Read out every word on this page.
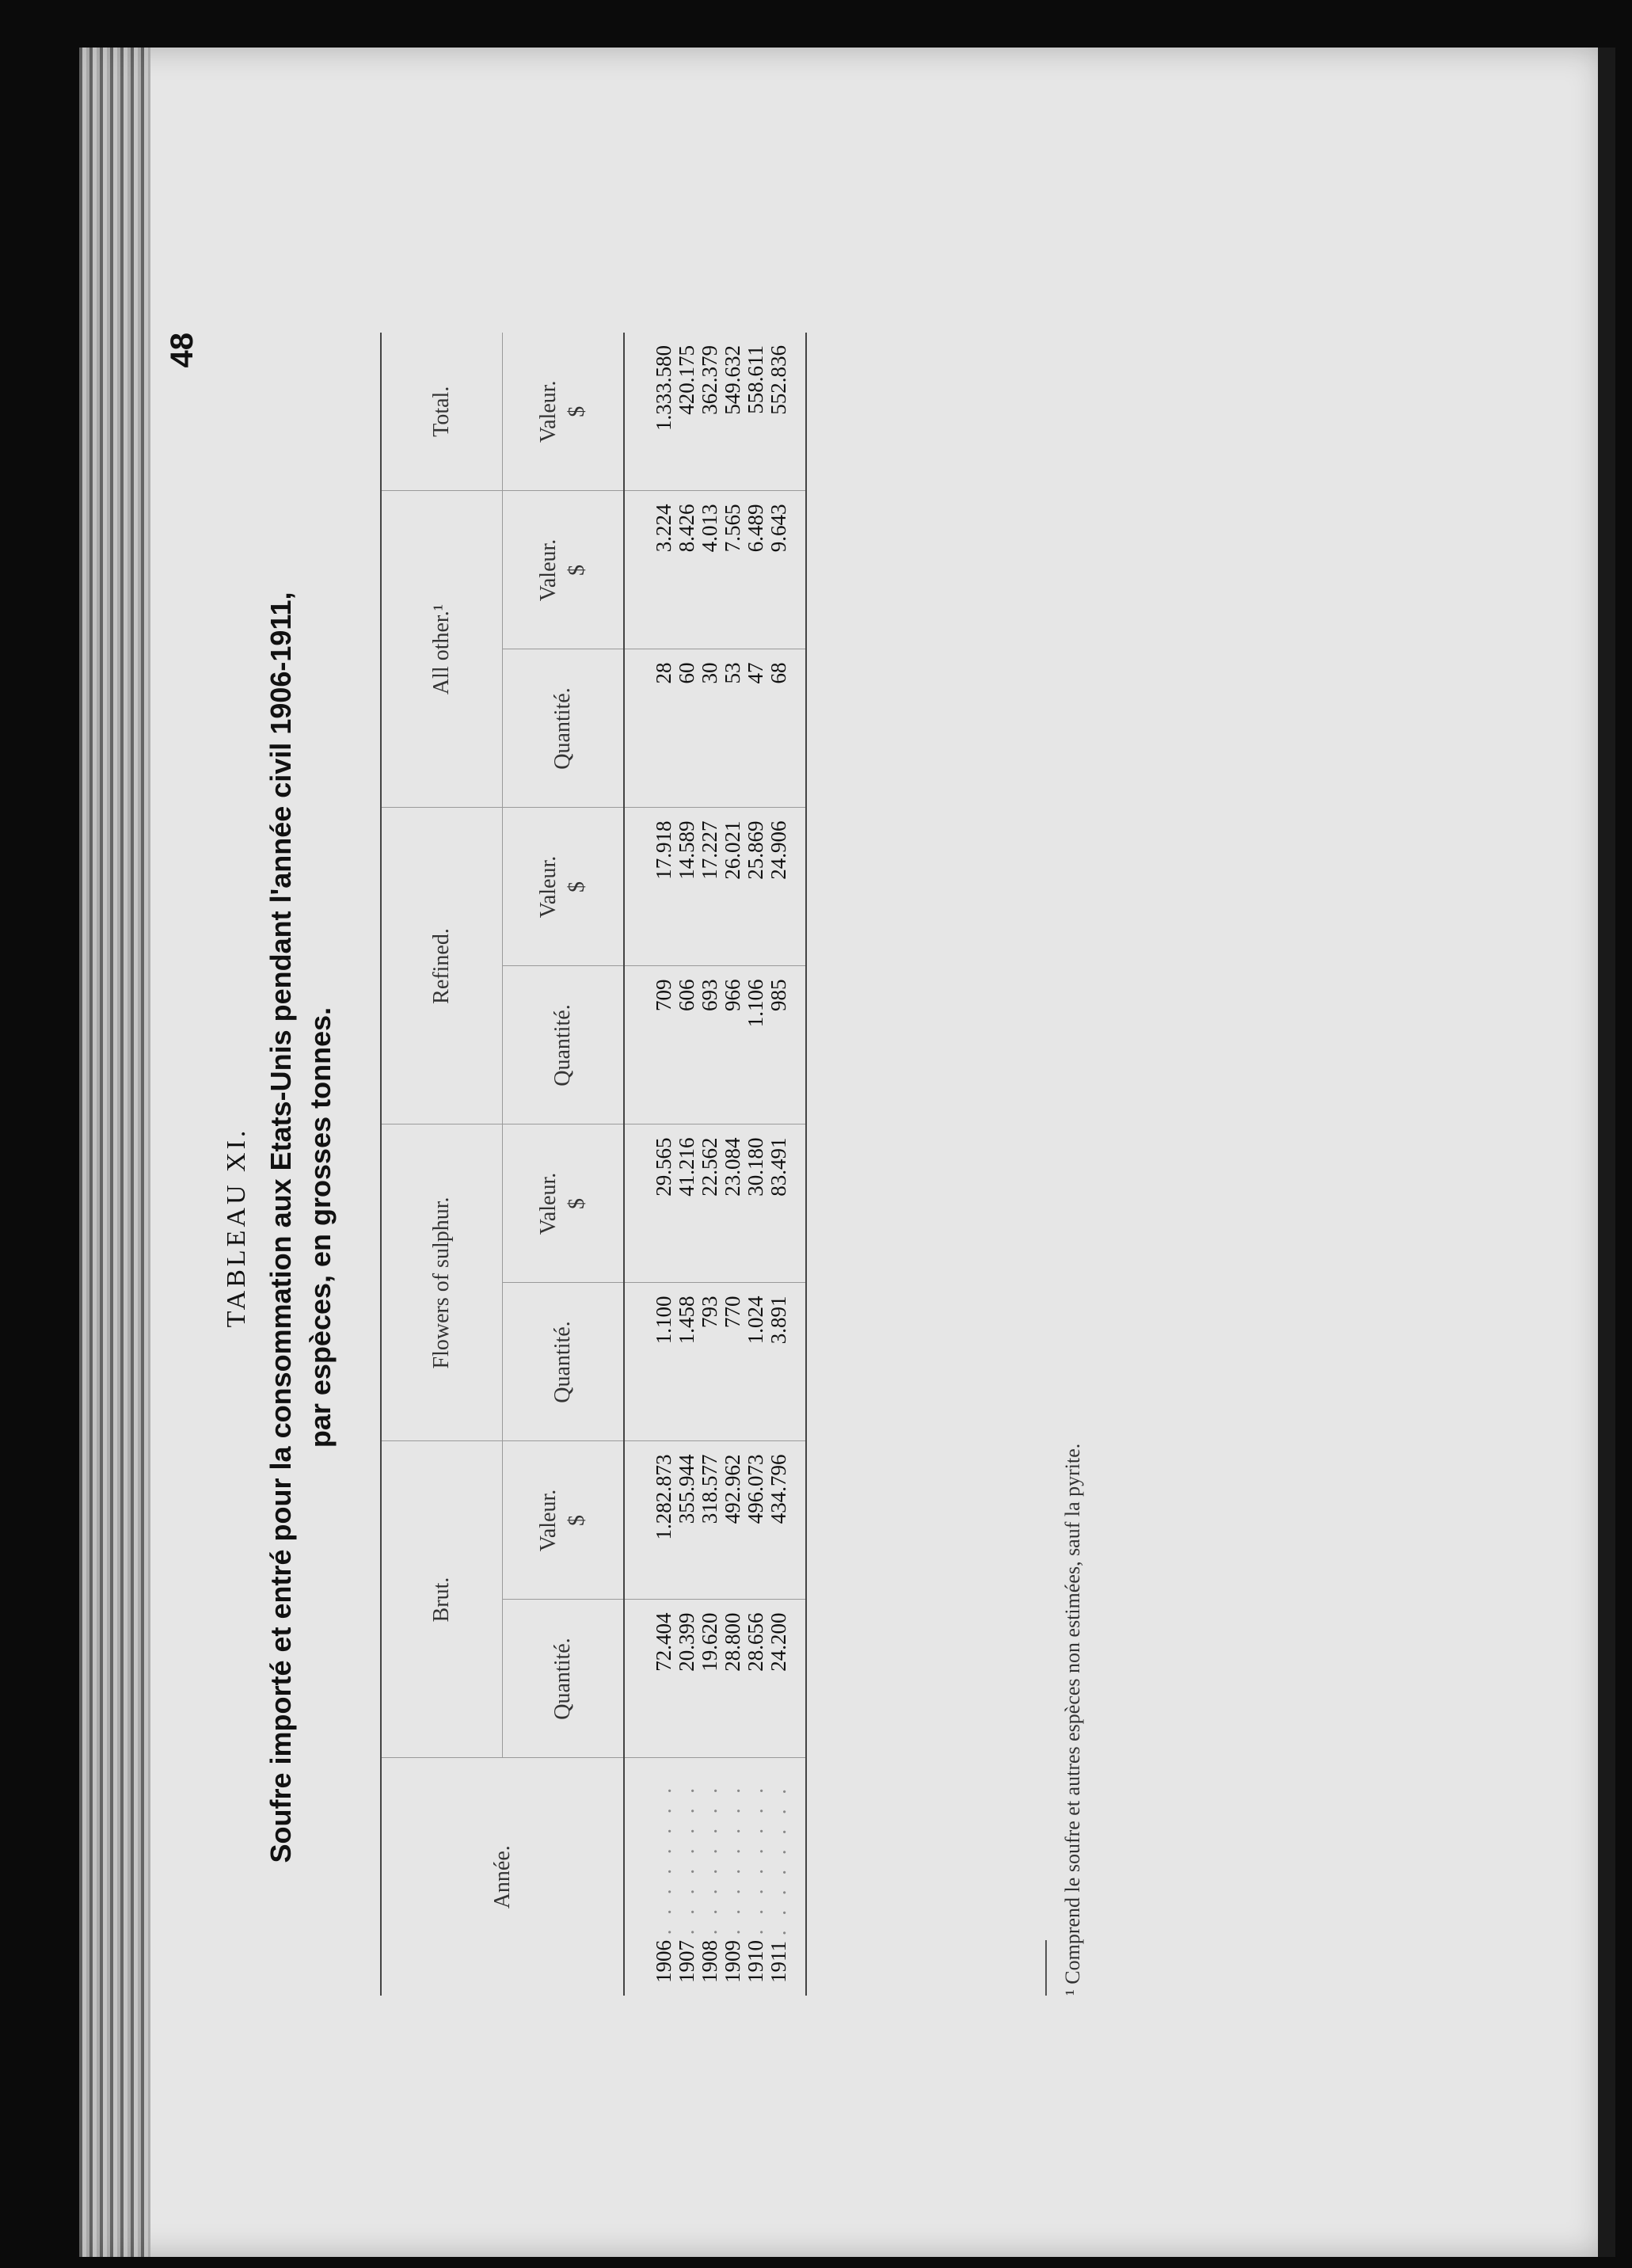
48
TABLEAU XI. Soufre importé et entré pour la consommation aux Etats-Unis pendant l'année civil 1906-1911, par espèces, en grosses tonnes.
Année.	Brut.		Flowers of sulphur.		Refined.		All other.¹		Total.
	Quantité.	Valeur. $	Quantité.	Valeur. $	Quantité.	Valeur. $	Quantité.	Valeur. $	Valeur. $
1906 . . . . . . . .	72.404	1.282.873	1.100	29.565	709	17.918	28	3.224	1.333.580
1907 . . . . . . . .	20.399	355.944	1.458	41.216	606	14.589	60	8.426	420.175
1908 . . . . . . . .	19.620	318.577	793	22.562	693	17.227	30	4.013	362.379
1909 . . . . . . . .	28.800	492.962	770	23.084	966	26.021	53	7.565	549.632
1910 . . . . . . . .	28.656	496.073	1.024	30.180	1.106	25.869	47	6.489	558.611
1911 . . . . . . . .	24.200	434.796	3.891	83.491	985	24.906	68	9.643	552.836
¹ Comprend le soufre et autres espèces non estimées, sauf la pyrite.
